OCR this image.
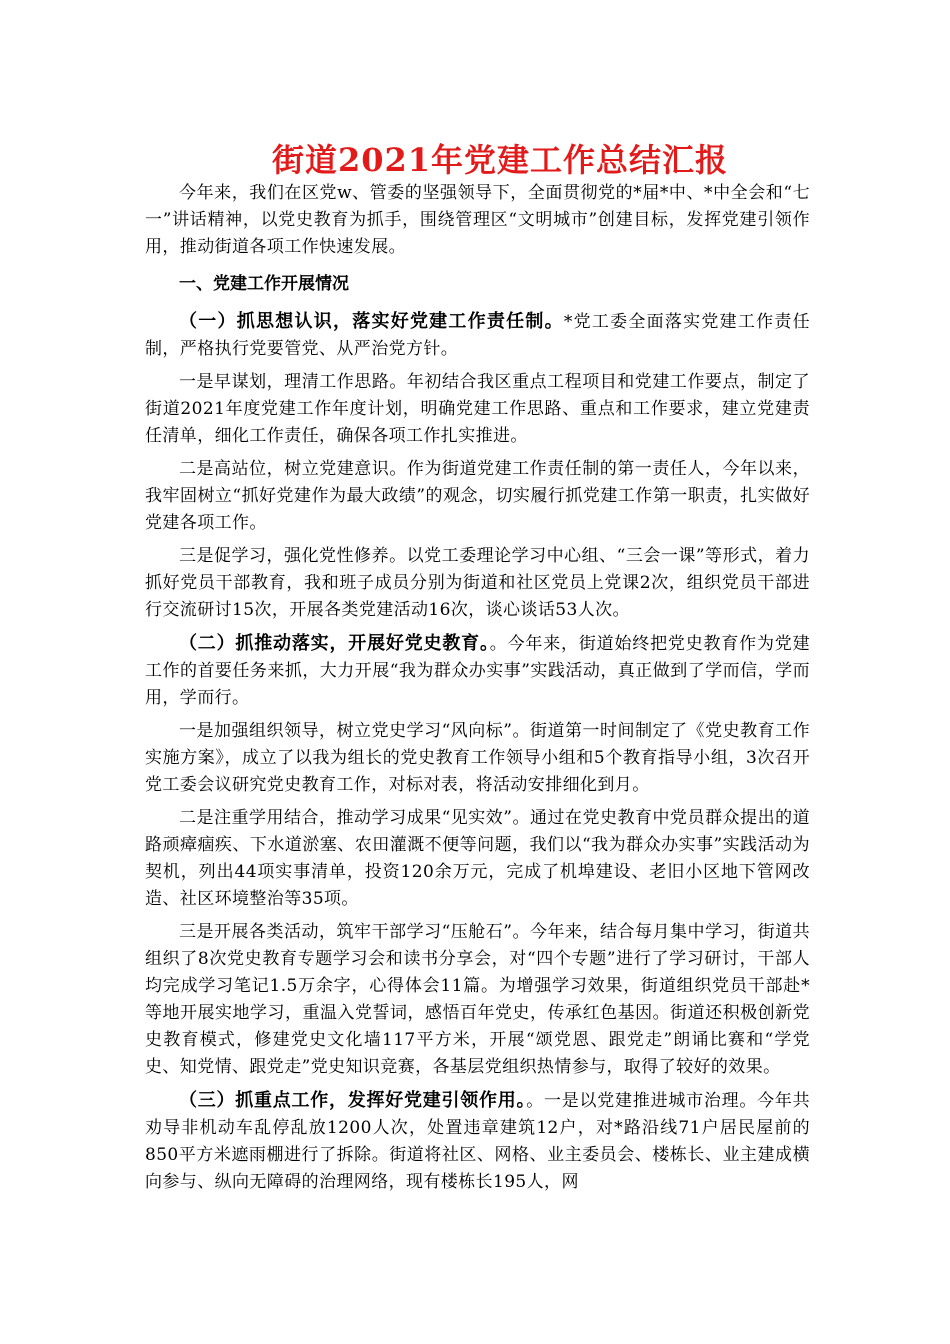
街道2021年党建工作总结汇报

今年来，我们在区党w、管委的坚强领导下，全面贯彻党的*届*中、*中全会和“七一”讲话精神，以党史教育为抓手，围绕管理区“文明城市”创建目标，发挥党建引领作用，推动街道各项工作快速发展。

一、党建工作开展情况

（一）抓思想认识，落实好党建工作责任制。*党工委全面落实党建工作责任制，严格执行党要管党、从严治党方针。

一是早谋划，理清工作思路。年初结合我区重点工程项目和党建工作要点，制定了街道2021年度党建工作年度计划，明确党建工作思路、重点和工作要求，建立党建责任清单，细化工作责任，确保各项工作扎实推进。

二是高站位，树立党建意识。作为街道党建工作责任制的第一责任人，今年以来，我牢固树立“抓好党建作为最大政绩”的观念，切实履行抓党建工作第一职责，扎实做好党建各项工作。

三是促学习，强化党性修养。以党工委理论学习中心组、“三会一课”等形式，着力抓好党员干部教育，我和班子成员分别为街道和社区党员上党课2次，组织党员干部进行交流研讨15次，开展各类党建活动16次，谈心谈话53人次。

（二）抓推动落实，开展好党史教育。。今年来，街道始终把党史教育作为党建工作的首要任务来抓，大力开展“我为群众办实事”实践活动，真正做到了学而信，学而用，学而行。

一是加强组织领导，树立党史学习“风向标”。街道第一时间制定了《党史教育工作实施方案》，成立了以我为组长的党史教育工作领导小组和5个教育指导小组，3次召开党工委会议研究党史教育工作，对标对表，将活动安排细化到月。

二是注重学用结合，推动学习成果“见实效”。通过在党史教育中党员群众提出的道路顽瘴痼疾、下水道淤塞、农田灌溉不便等问题，我们以“我为群众办实事”实践活动为契机，列出44项实事清单，投资120余万元，完成了机埠建设、老旧小区地下管网改造、社区环境整治等35项。

三是开展各类活动，筑牢干部学习“压舱石”。今年来，结合每月集中学习，街道共组织了8次党史教育专题学习会和读书分享会，对“四个专题”进行了学习研讨，干部人均完成学习笔记1.5万余字，心得体会11篇。为增强学习效果，街道组织党员干部赴*等地开展实地学习，重温入党誓词，感悟百年党史，传承红色基因。街道还积极创新党史教育模式，修建党史文化墙117平方米，开展“颂党恩、跟党走”朗诵比赛和“学党史、知党情、跟党走”党史知识竞赛，各基层党组织热情参与，取得了较好的效果。

（三）抓重点工作，发挥好党建引领作用。。一是以党建推进城市治理。今年共劝导非机动车乱停乱放1200人次，处置违章建筑12户，对*路沿线71户居民屋前的850平方米遮雨棚进行了拆除。街道将社区、网格、业主委员会、楼栋长、业主建成横向参与、纵向无障碍的治理网络，现有楼栋长195人，网
